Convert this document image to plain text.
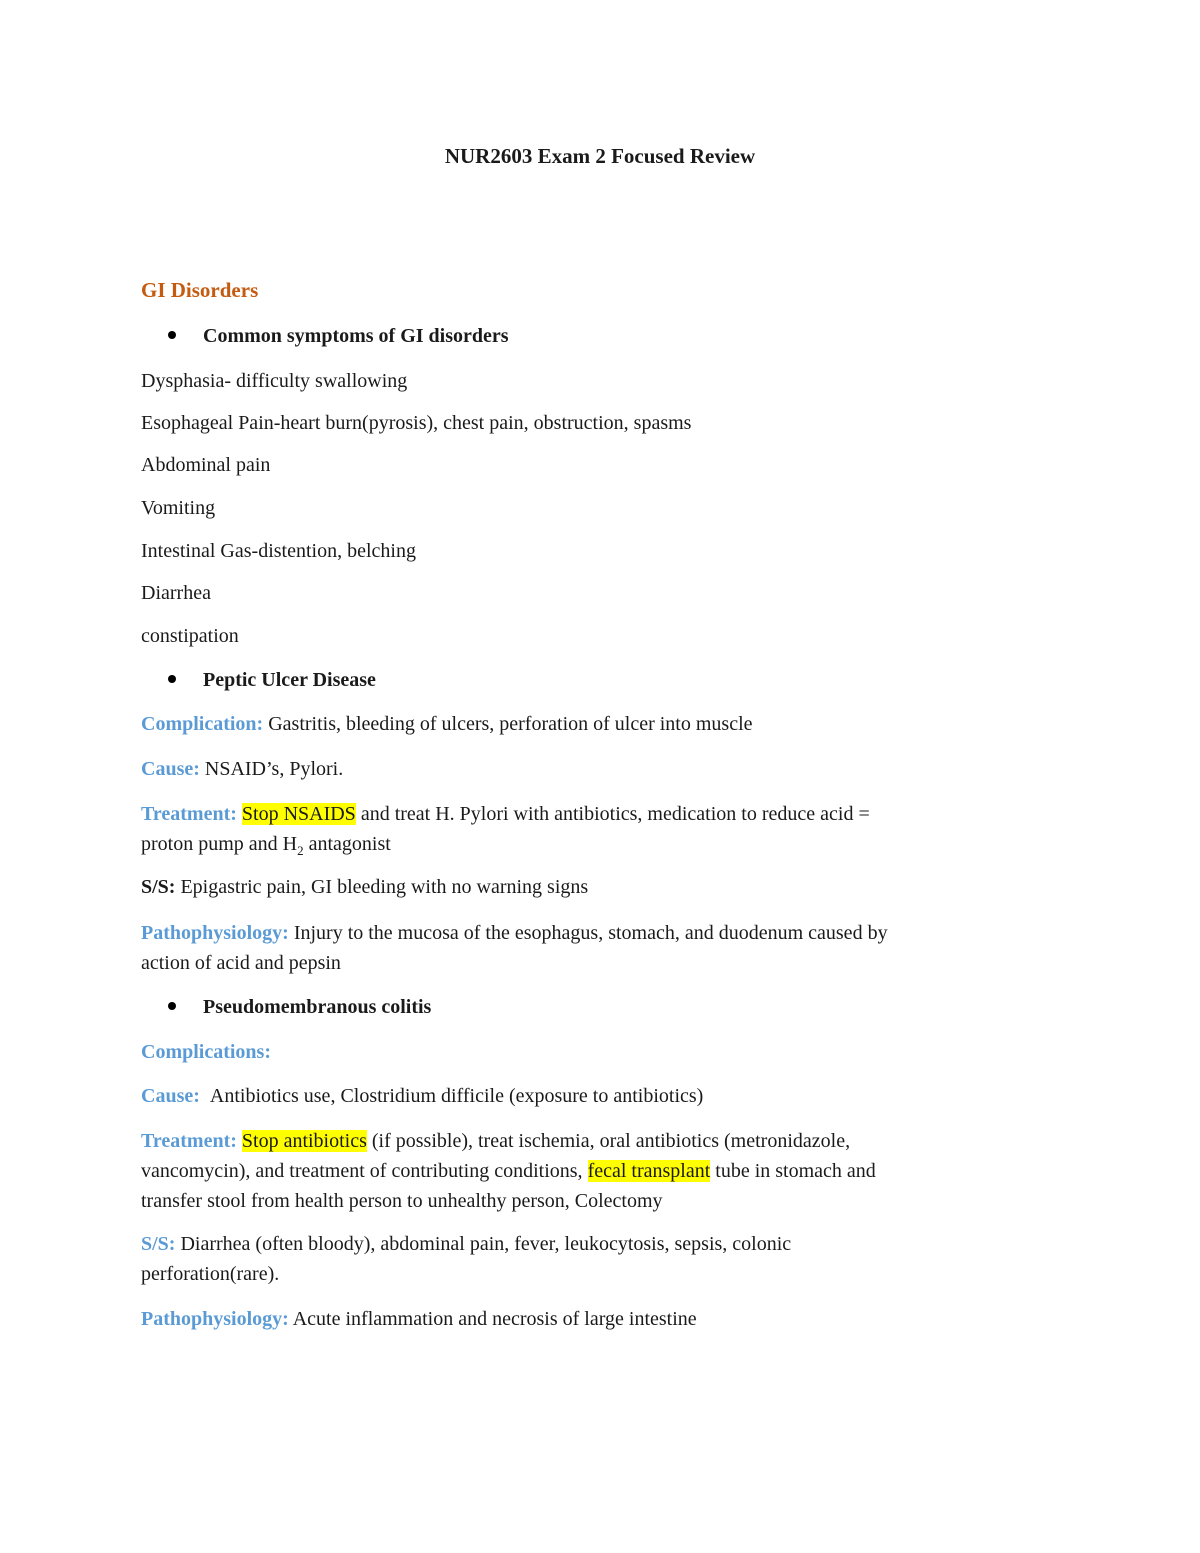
NUR2603 Exam 2 Focused Review
GI Disorders
Common symptoms of GI disorders
Dysphasia- difficulty swallowing
Esophageal Pain-heart burn(pyrosis), chest pain, obstruction, spasms
Abdominal pain
Vomiting
Intestinal Gas-distention, belching
Diarrhea
constipation
Peptic Ulcer Disease
Complication: Gastritis, bleeding of ulcers, perforation of ulcer into muscle
Cause: NSAID’s, Pylori.
Treatment: Stop NSAIDS and treat H. Pylori with antibiotics, medication to reduce acid =
proton pump and $H_2$ antagonist
S/S: Epigastric pain, GI bleeding with no warning signs
Pathophysiology: Injury to the mucosa of the esophagus, stomach, and duodenum caused by
action of acid and pepsin
Pseudomembranous colitis
Complications:
Cause: Antibiotics use, Clostridium difficile (exposure to antibiotics)
Treatment: Stop antibiotics (if possible), treat ischemia, oral antibiotics (metronidazole,
vancomycin), and treatment of contributing conditions, fecal transplant tube in stomach and
transfer stool from health person to unhealthy person, Colectomy
S/S: Diarrhea (often bloody), abdominal pain, fever, leukocytosis, sepsis, colonic
perforation(rare).
Pathophysiology: Acute inflammation and necrosis of large intestine
